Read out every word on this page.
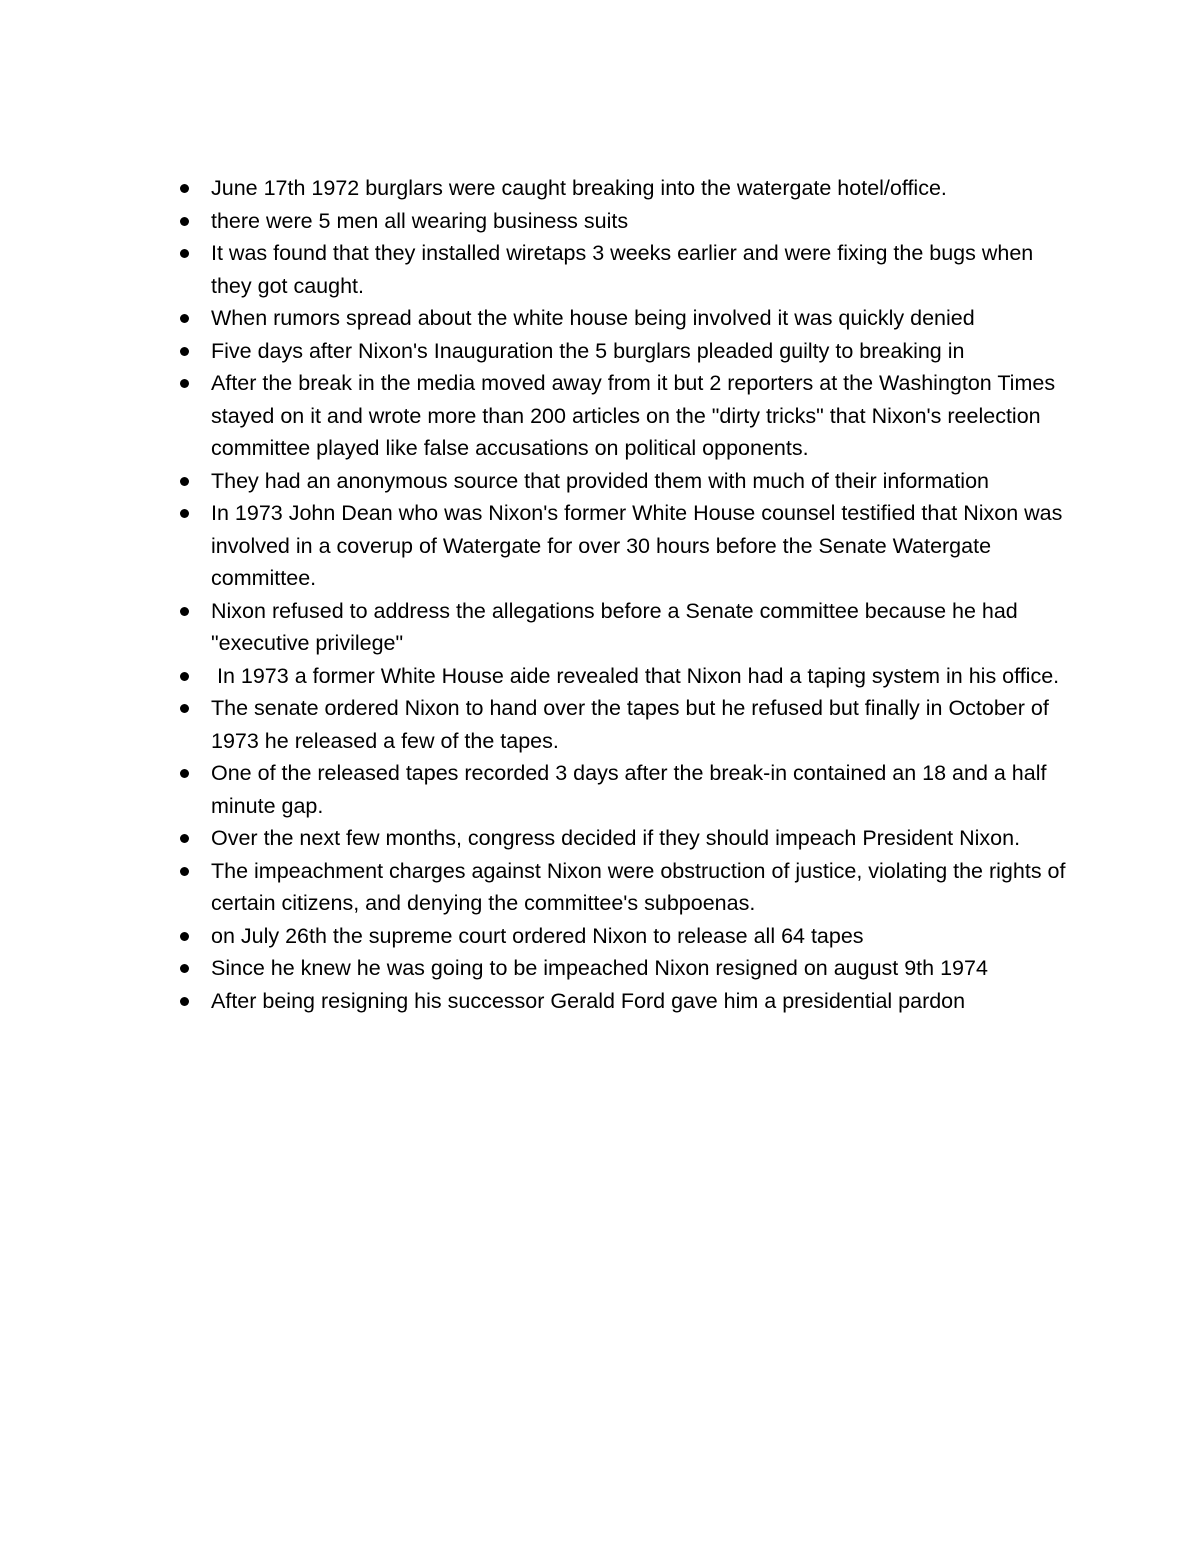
June 17th 1972 burglars were caught breaking into the watergate hotel/office.
there were 5 men all wearing business suits
It was found that they installed wiretaps 3 weeks earlier and were fixing the bugs when they got caught.
When rumors spread about the white house being involved it was quickly denied
Five days after Nixon's Inauguration the 5 burglars pleaded guilty to breaking in
After the break in the media moved away from it but 2 reporters at the Washington Times stayed on it and wrote more than 200 articles on the "dirty tricks" that Nixon's reelection committee played like false accusations on political opponents.
They had an anonymous source that provided them with much of their information
In 1973 John Dean who was Nixon's former White House counsel testified that Nixon was involved in a coverup of Watergate for over 30 hours before the Senate Watergate committee.
Nixon refused to address the allegations before a Senate committee because he had "executive privilege"
In 1973 a former White House aide revealed that Nixon had a taping system in his office.
The senate ordered Nixon to hand over the tapes but he refused but finally in October of 1973 he released a few of the tapes.
One of the released tapes recorded 3 days after the break-in contained an 18 and a half minute gap.
Over the next few months, congress decided if they should impeach President Nixon.
The impeachment charges against Nixon were obstruction of justice, violating the rights of certain citizens, and denying the committee's subpoenas.
on July 26th the supreme court ordered Nixon to release all 64 tapes
Since he knew he was going to be impeached Nixon resigned on august 9th 1974
After being resigning his successor Gerald Ford gave him a presidential pardon
